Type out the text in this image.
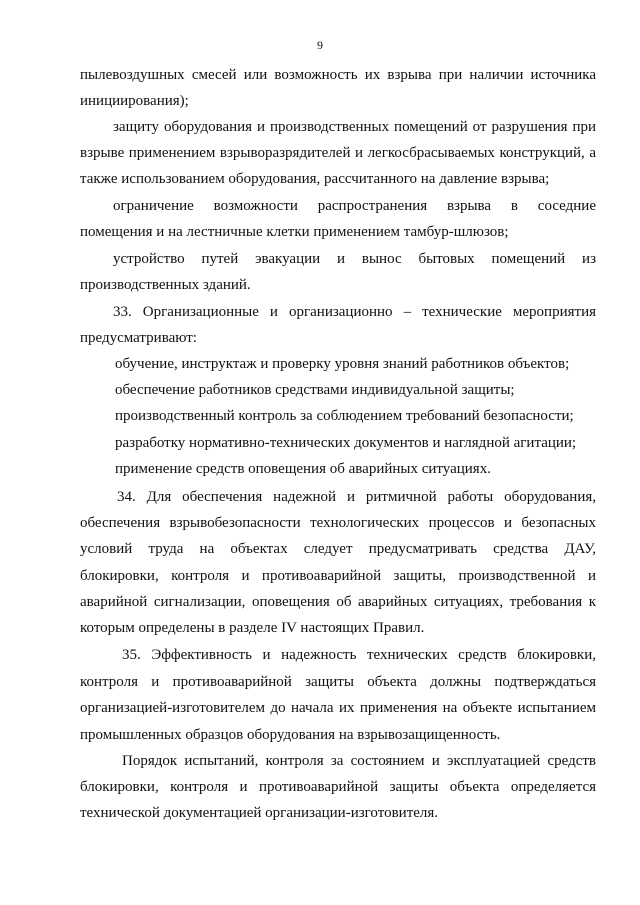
9
пылевоздушных смесей или возможность их взрыва при наличии источника
инициирования);
защиту оборудования и производственных помещений от разрушения при
взрыве применением взрыворазрядителей и легкосбрасываемых конструкций, а
также использованием оборудования, рассчитанного на давление взрыва;
ограничение возможности распространения взрыва в соседние
помещения и на лестничные клетки применением тамбур-шлюзов;
устройство путей эвакуации и вынос бытовых помещений из
производственных зданий.
33. Организационные и организационно – технические мероприятия
предусматривают:
обучение, инструктаж и проверку уровня знаний работников объектов;
обеспечение работников средствами индивидуальной защиты;
производственный контроль за соблюдением требований безопасности;
разработку нормативно-технических документов и наглядной агитации;
применение средств оповещения об аварийных ситуациях.
34. Для обеспечения надежной и ритмичной работы оборудования,
обеспечения взрывобезопасности технологических процессов и безопасных
условий труда на объектах следует предусматривать средства ДАУ,
блокировки, контроля и противоаварийной защиты, производственной и
аварийной сигнализации, оповещения об аварийных ситуациях, требования к
которым определены в разделе IV настоящих Правил.
35. Эффективность и надежность технических средств блокировки,
контроля и противоаварийной защиты объекта должны подтверждаться
организацией-изготовителем до начала их применения на объекте испытанием
промышленных образцов оборудования на взрывозащищенность.
Порядок испытаний, контроля за состоянием и эксплуатацией средств
блокировки, контроля и противоаварийной защиты объекта определяется
технической документацией организации-изготовителя.
